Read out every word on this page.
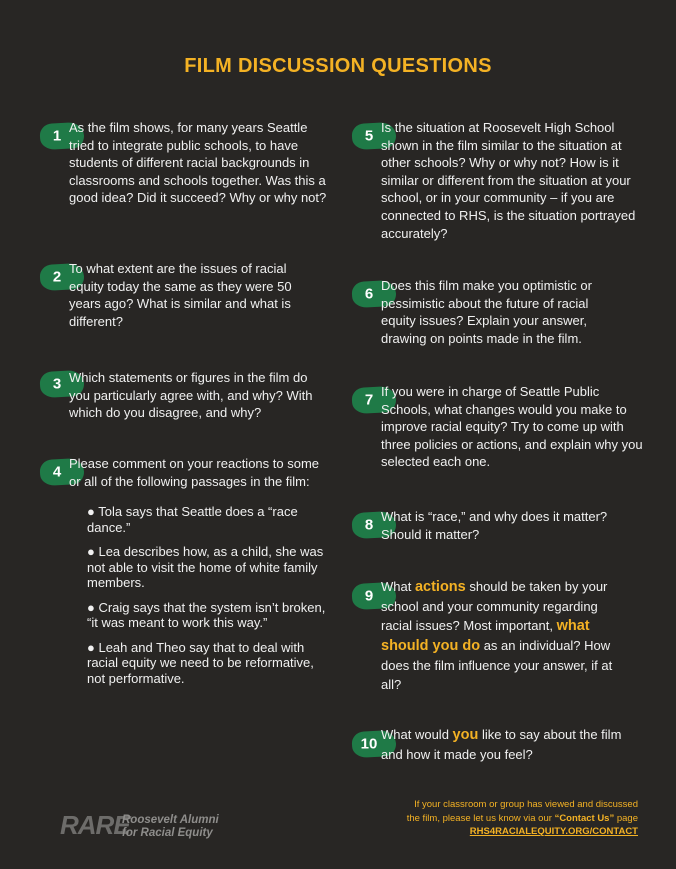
FILM DISCUSSION QUESTIONS
1 As the film shows, for many years Seattle tried to integrate public schools, to have students of different racial backgrounds in classrooms and schools together. Was this a good idea? Did it succeed? Why or why not?
2 To what extent are the issues of racial equity today the same as they were 50 years ago? What is similar and what is different?
3 Which statements or figures in the film do you particularly agree with, and why? With which do you disagree, and why?
4 Please comment on your reactions to some or all of the following passages in the film:
● Tola says that Seattle does a “race dance.”
● Lea describes how, as a child, she was not able to visit the home of white family members.
● Craig says that the system isn’t broken, “it was meant to work this way.”
● Leah and Theo say that to deal with racial equity we need to be reformative, not performative.
5 Is the situation at Roosevelt High School shown in the film similar to the situation at other schools? Why or why not? How is it similar or different from the situation at your school, or in your community – if you are connected to RHS, is the situation portrayed accurately?
6 Does this film make you optimistic or pessimistic about the future of racial equity issues? Explain your answer, drawing on points made in the film.
7 If you were in charge of Seattle Public Schools, what changes would you make to improve racial equity? Try to come up with three policies or actions, and explain why you selected each one.
8 What is “race,” and why does it matter? Should it matter?
9
What actions should be taken by your school and your community regarding racial issues? Most important, what should you do as an individual? How does the film influence your answer, if at all?
10
What would you like to say about the film and how it made you feel?
RARE
Roosevelt Alumni
for Racial Equity
If your classroom or group has viewed and discussed
the film, please let us know via our “Contact Us” page
RHS4RACIALEQUITY.ORG/CONTACT
